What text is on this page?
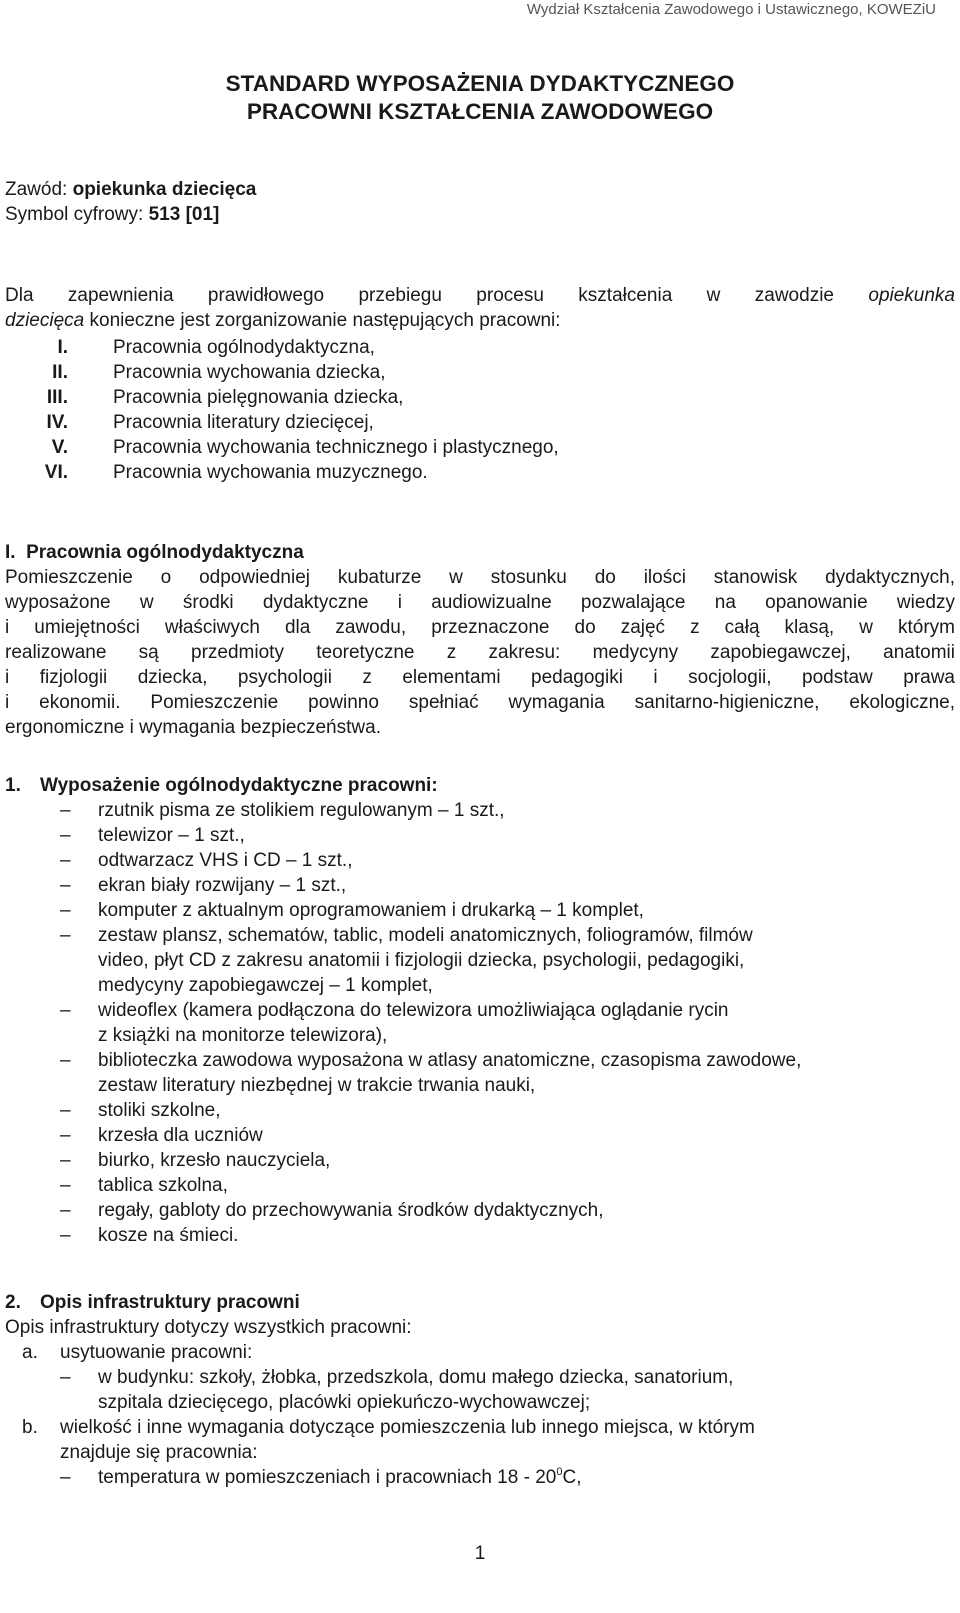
Wydział Kształcenia Zawodowego i Ustawicznego, KOWEZiU
STANDARD WYPOSAŻENIA DYDAKTYCZNEGO
PRACOWNI KSZTAŁCENIA ZAWODOWEGO
Zawód: opiekunka dziecięca
Symbol cyfrowy: 513 [01]
Dla zapewnienia prawidłowego przebiegu procesu kształcenia w zawodzie opiekunka
dziecięca konieczne jest zorganizowanie następujących pracowni:
I. Pracownia ogólnodydaktyczna,
II. Pracownia wychowania dziecka,
III. Pracownia pielęgnowania dziecka,
IV. Pracownia literatury dziecięcej,
V. Pracownia wychowania technicznego i plastycznego,
VI. Pracownia wychowania muzycznego.
I.  Pracownia ogólnodydaktyczna
Pomieszczenie o odpowiedniej kubaturze w stosunku do ilości stanowisk dydaktycznych,
wyposażone w środki dydaktyczne i audiowizualne pozwalające na opanowanie wiedzy
i umiejętności właściwych dla zawodu, przeznaczone do zajęć z całą klasą, w którym
realizowane są przedmioty teoretyczne z zakresu: medycyny zapobiegawczej, anatomii
i fizjologii dziecka, psychologii z elementami pedagogiki i socjologii, podstaw prawa
i ekonomii. Pomieszczenie powinno spełniać wymagania sanitarno-higieniczne, ekologiczne,
ergonomiczne i wymagania bezpieczeństwa.
1. Wyposażenie ogólnodydaktyczne pracowni:
– rzutnik pisma ze stolikiem regulowanym – 1 szt.,
– telewizor – 1 szt.,
– odtwarzacz VHS i CD – 1 szt.,
– ekran biały rozwijany – 1 szt.,
– komputer z aktualnym oprogramowaniem i drukarką – 1 komplet,
– zestaw plansz, schematów, tablic, modeli anatomicznych, foliogramów, filmów
video, płyt CD z zakresu anatomii i fizjologii dziecka, psychologii, pedagogiki,
medycyny zapobiegawczej – 1 komplet,
– wideoflex (kamera podłączona do telewizora umożliwiająca oglądanie rycin
z książki na monitorze telewizora),
– biblioteczka zawodowa wyposażona w atlasy anatomiczne, czasopisma zawodowe,
zestaw literatury niezbędnej w trakcie trwania nauki,
– stoliki szkolne,
– krzesła dla uczniów
– biurko, krzesło nauczyciela,
– tablica szkolna,
– regały, gabloty do przechowywania środków dydaktycznych,
– kosze na śmieci.
2. Opis infrastruktury pracowni
Opis infrastruktury dotyczy wszystkich pracowni:
a. usytuowanie pracowni:
– w budynku: szkoły, żłobka, przedszkola, domu małego dziecka, sanatorium,
szpitala dziecięcego, placówki opiekuńczo-wychowawczej;
b. wielkość i inne wymagania dotyczące pomieszczenia lub innego miejsca, w którym
znajduje się pracownia:
– temperatura w pomieszczeniach i pracowniach $18 - 20^0C$,
1
